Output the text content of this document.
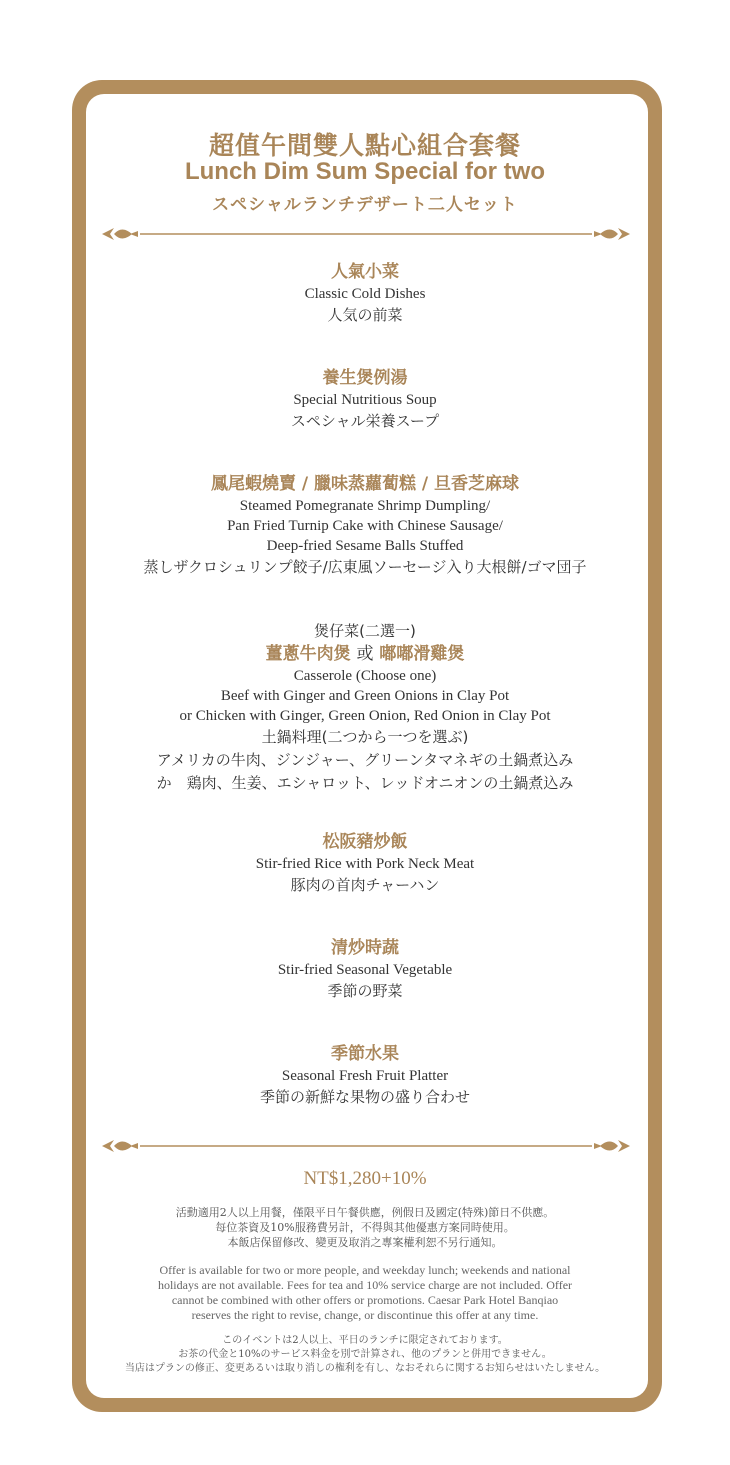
超值午間雙人點心組合套餐
Lunch Dim Sum Special for two
スペシャルランチデザート二人セット
人氣小菜
Classic Cold Dishes
人気の前菜
養生煲例湯
Special Nutritious Soup
スペシャル栄養スープ
鳳尾蝦燒賣 / 臘味蒸蘿蔔糕 / 旦香芝麻球
Steamed Pomegranate Shrimp Dumpling/
Pan Fried Turnip Cake with Chinese Sausage/
Deep-fried Sesame Balls Stuffed
蒸しザクロシュリンプ餃子/広東風ソーセージ入り大根餅/ゴマ団子
煲仔菜(二選一)
薑蔥牛肉煲 或 嘟嘟滑雞煲
Casserole (Choose one)
Beef with Ginger and Green Onions in Clay Pot
or Chicken with Ginger, Green Onion, Red Onion in Clay Pot
土鍋料理(二つから一つを選ぶ)
アメリカの牛肉、ジンジャー、グリーンタマネギの土鍋煮込み
か　鶏肉、生姜、エシャロット、レッドオニオンの土鍋煮込み
松阪豬炒飯
Stir-fried Rice with Pork Neck Meat
豚肉の首肉チャーハン
清炒時蔬
Stir-fried Seasonal Vegetable
季節の野菜
季節水果
Seasonal Fresh Fruit Platter
季節の新鮮な果物の盛り合わせ
NT$1,280+10%
活動適用2人以上用餐，僅限平日午餐供應，例假日及國定(特殊)節日不供應。
每位茶資及10%服務費另計，不得與其他優惠方案同時使用。
本飯店保留修改、變更及取消之專案權利恕不另行通知。
Offer is available for two or more people, and weekday lunch; weekends and national
holidays are not available. Fees for tea and 10% service charge are not included. Offer
cannot be combined with other offers or promotions. Caesar Park Hotel Banqiao
reserves the right to revise, change, or discontinue this offer at any time.
このイベントは2人以上、平日のランチに限定されております。
お茶の代金と10%のサービス料金を別で計算され、他のプランと併用できません。
当店はプランの修正、変更あるいは取り消しの権利を有し、なおそれらに関するお知らせはいたしません。
